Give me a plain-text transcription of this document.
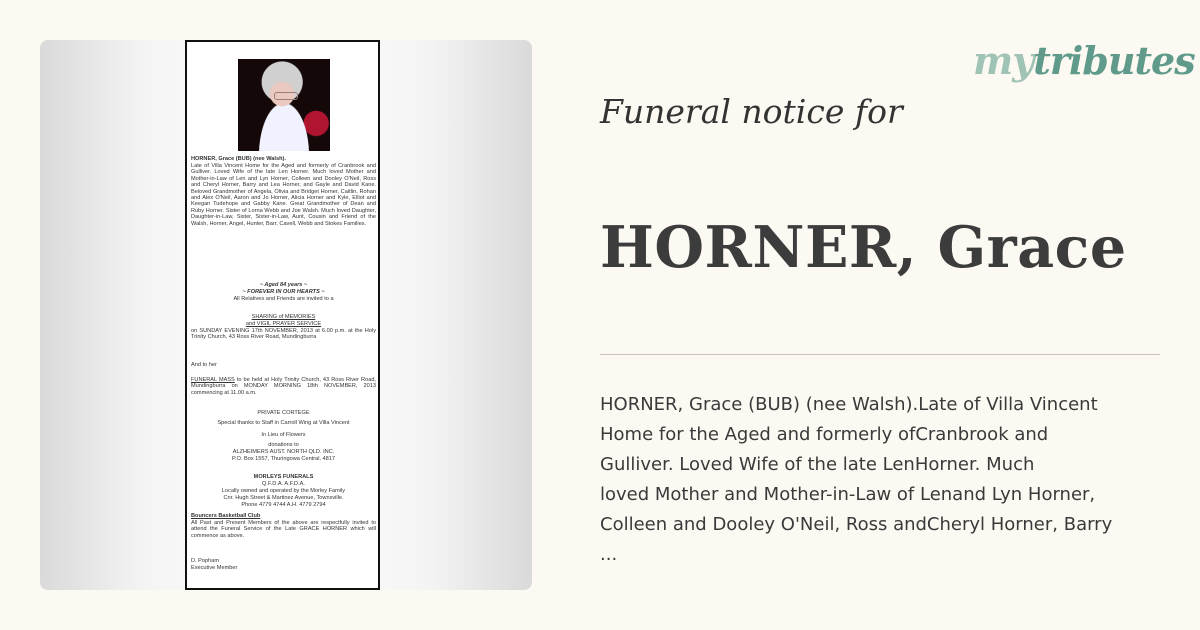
HORNER, Grace (BUB) (nee Walsh).
Late of Villa Vincent Home for the Aged and formerly of Cranbrook and Gulliver. Loved Wife of the late Len Horner. Much loved Mother and Mother-in-Law of Len and Lyn Horner, Colleen and Dooley O'Neil, Ross and Cheryl Horner, Barry and Lea Horner, and Gayle and David Kane. Beloved Grandmother of Angela, Olivia and Bridget Horner, Caitlin, Rohan and Alex O'Neil, Aaron and Jo Horner, Alicia Horner and Kyle, Elliot and Keegan Tudehope and Gabby Kane. Great Grandmother of Dean and Ruby Horner. Sister of Lorna Webb and Joe Walsh. Much loved Daughter, Daughter-in-Law, Sister, Sister-in-Law, Aunt, Cousin and Friend of the Walsh, Horner, Angel, Hunter, Barr, Cavell, Webb and Stokes Families.
~ Aged 84 years ~
~ FOREVER IN OUR HEARTS ~
All Relatives and Friends are invited to a
SHARING of MEMORIES
and VIGIL PRAYER SERVICE
on SUNDAY EVENING 17th NOVEMBER, 2013 at 6.00 p.m. at the Holy Trinity Church, 43 Ross River Road, Mundingburra
And to her
FUNERAL MASS to be held at Holy Trinity Church, 43 Ross River Road, Mundingburra on MONDAY MORNING 18th NOVEMBER, 2013 commencing at 11.00 a.m.
PRIVATE CORTEGE
Special thanks to Staff in Carroll Wing at Villa Vincent
In Lieu of Flowers
donations to
ALZHEIMERS AUST. NORTH QLD. INC.
P.O. Box 1557, Thuringowa Central. 4817
MORLEYS FUNERALS
Q.F.D.A. A.F.D.A.
Locally owned and operated by the Morley Family
Cnr. Hugh Street & Martinez Avenue, Townsville.
Phone 4779 4744 A.H. 4779 2794
Bouncers Basketball Club
All Past and Present Members of the above are respectfully invited to attend the Funeral Service of the Late GRACE HORNER which will commence as above.
D. Popham
Executive Member
mytributes
Funeral notice for
HORNER, Grace
HORNER, Grace (BUB) (nee Walsh).Late of Villa Vincent
Home for the Aged and formerly ofCranbrook and
Gulliver. Loved Wife of the late LenHorner. Much
loved Mother and Mother-in-Law of Lenand Lyn Horner,
Colleen and Dooley O'Neil, Ross andCheryl Horner, Barry
...
